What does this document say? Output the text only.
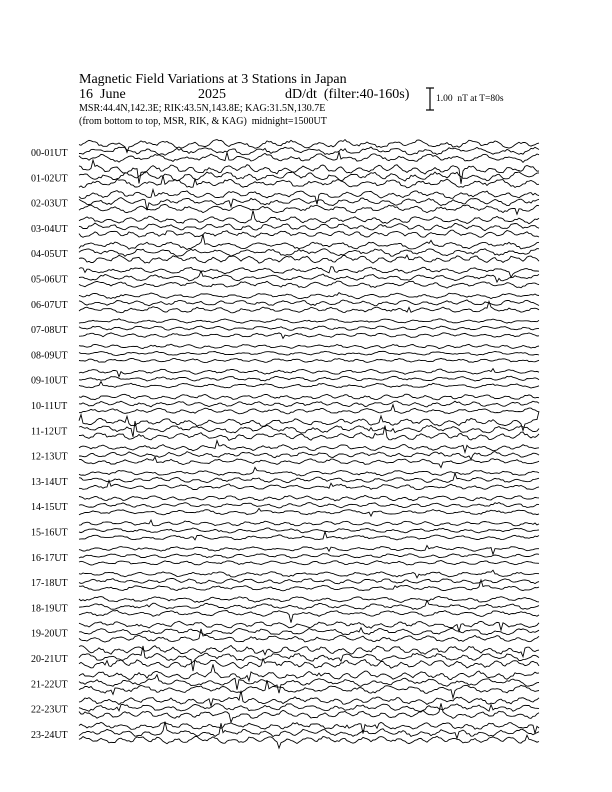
Magnetic Field Variations at 3 Stations in Japan
16  June	2025	dD/dt  (filter:40-160s)
MSR:44.4N,142.3E; RIK:43.5N,143.8E; KAG:31.5N,130.7E
(from bottom to top, MSR, RIK, & KAG)  midnight=1500UT
1.00  nT at T=80s
00-01UT
01-02UT
02-03UT
03-04UT
04-05UT
05-06UT
06-07UT
07-08UT
08-09UT
09-10UT
10-11UT
11-12UT
12-13UT
13-14UT
14-15UT
15-16UT
16-17UT
17-18UT
18-19UT
19-20UT
20-21UT
21-22UT
22-23UT
23-24UT
